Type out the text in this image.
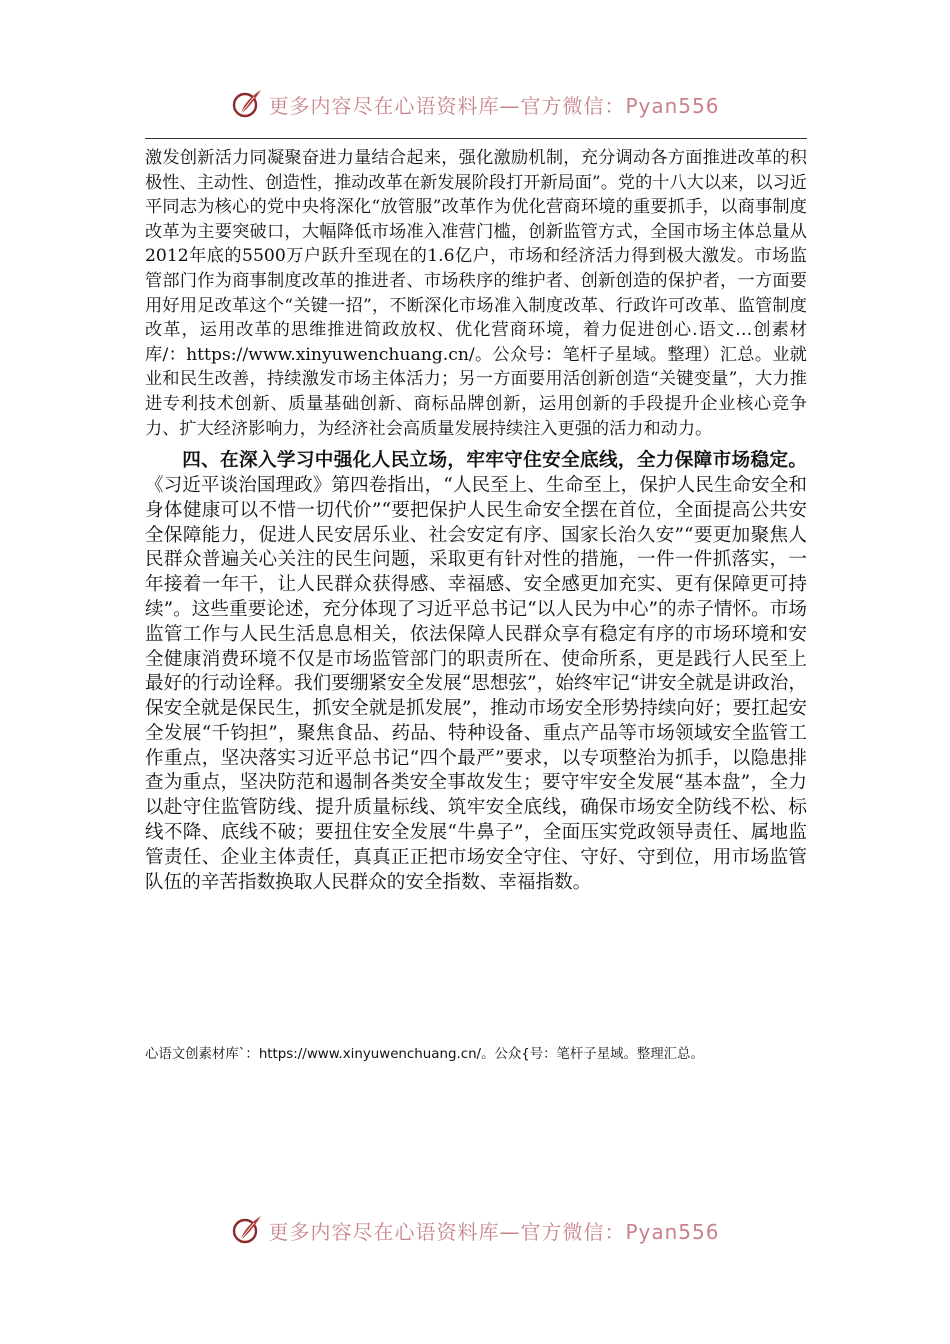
更多内容尽在心语资料库—官方微信：Pyan556

激发创新活力同凝聚奋进力量结合起来，强化激励机制，充分调动各方面推进改革的积极性、主动性、创造性，推动改革在新发展阶段打开新局面”。党的十八大以来，以习近平同志为核心的党中央将深化“放管服”改革作为优化营商环境的重要抓手，以商事制度改革为主要突破口，大幅降低市场准入准营门槛，创新监管方式，全国市场主体总量从2012年底的5500万户跃升至现在的1.6亿户，市场和经济活力得到极大激发。市场监管部门作为商事制度改革的推进者、市场秩序的维护者、创新创造的保护者，一方面要用好用足改革这个“关键一招”，不断深化市场准入制度改革、行政许可改革、监管制度改革，运用改革的思维推进简政放权、优化营商环境，着力促进创心.语文…创素材库/：https://www.xinyuwenchuang.cn/。公众号：笔杆子星域。整理）汇总。业就业和民生改善，持续激发市场主体活力；另一方面要用活创新创造“关键变量”，大力推进专利技术创新、质量基础创新、商标品牌创新，运用创新的手段提升企业核心竞争力、扩大经济影响力，为经济社会高质量发展持续注入更强的活力和动力。

四、在深入学习中强化人民立场，牢牢守住安全底线，全力保障市场稳定。《习近平谈治国理政》第四卷指出，“人民至上、生命至上，保护人民生命安全和身体健康可以不惜一切代价”“要把保护人民生命安全摆在首位，全面提高公共安全保障能力，促进人民安居乐业、社会安定有序、国家长治久安”“要更加聚焦人民群众普遍关心关注的民生问题，采取更有针对性的措施，一件一件抓落实，一年接着一年干，让人民群众获得感、幸福感、安全感更加充实、更有保障更可持续”。这些重要论述，充分体现了习近平总书记“以人民为中心”的赤子情怀。市场监管工作与人民生活息息相关，依法保障人民群众享有稳定有序的市场环境和安全健康消费环境不仅是市场监管部门的职责所在、使命所系，更是践行人民至上最好的行动诠释。我们要绷紧安全发展“思想弦”，始终牢记“讲安全就是讲政治，保安全就是保民生，抓安全就是抓发展”，推动市场安全形势持续向好；要扛起安全发展“千钧担”，聚焦食品、药品、特种设备、重点产品等市场领域安全监管工作重点，坚决落实习近平总书记“四个最严”要求，以专项整治为抓手，以隐患排查为重点，坚决防范和遏制各类安全事故发生；要守牢安全发展“基本盘”，全力以赴守住监管防线、提升质量标线、筑牢安全底线，确保市场安全防线不松、标线不降、底线不破；要扭住安全发展“牛鼻子”，全面压实党政领导责任、属地监管责任、企业主体责任，真真正正把市场安全守住、守好、守到位，用市场监管队伍的辛苦指数换取人民群众的安全指数、幸福指数。

心语文创素材库`：https://www.xinyuwenchuang.cn/。公众{号：笔杆子星域。整理汇总。
更多内容尽在心语资料库—官方微信：Pyan556
